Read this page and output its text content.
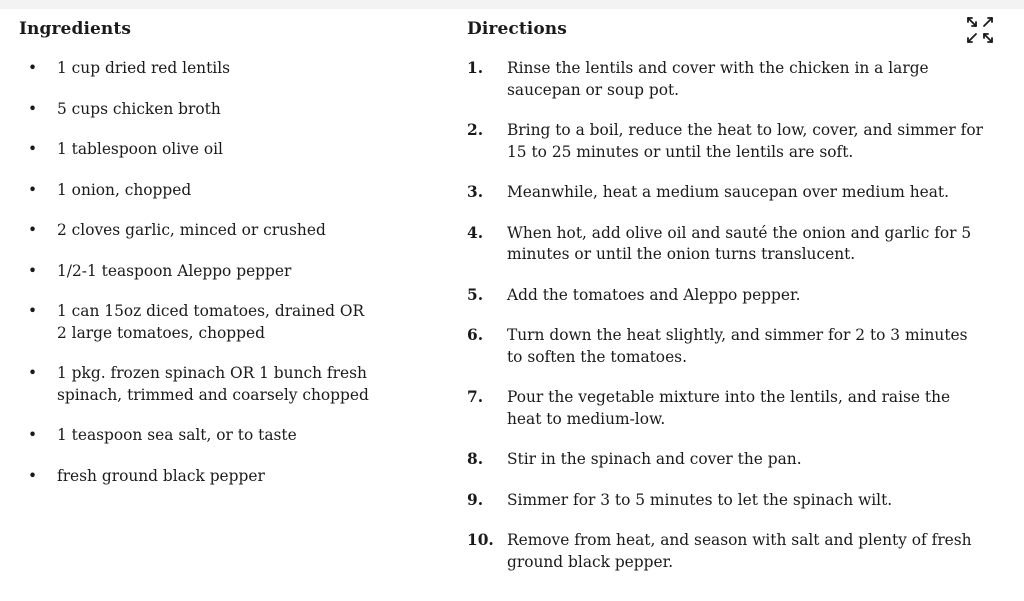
Ingredients
• 1 cup dried red lentils
• 5 cups chicken broth
• 1 tablespoon olive oil
• 1 onion, chopped
• 2 cloves garlic, minced or crushed
• 1/2-1 teaspoon Aleppo pepper
• 1 can 15oz diced tomatoes, drained OR 2 large tomatoes, chopped
• 1 pkg. frozen spinach OR 1 bunch fresh spinach, trimmed and coarsely chopped
• 1 teaspoon sea salt, or to taste
• fresh ground black pepper
Directions
1. Rinse the lentils and cover with the chicken in a large saucepan or soup pot.
2. Bring to a boil, reduce the heat to low, cover, and simmer for 15 to 25 minutes or until the lentils are soft.
3. Meanwhile, heat a medium saucepan over medium heat.
4. When hot, add olive oil and sauté the onion and garlic for 5 minutes or until the onion turns translucent.
5. Add the tomatoes and Aleppo pepper.
6. Turn down the heat slightly, and simmer for 2 to 3 minutes to soften the tomatoes.
7. Pour the vegetable mixture into the lentils, and raise the heat to medium-low.
8. Stir in the spinach and cover the pan.
9. Simmer for 3 to 5 minutes to let the spinach wilt.
10. Remove from heat, and season with salt and plenty of fresh ground black pepper.
